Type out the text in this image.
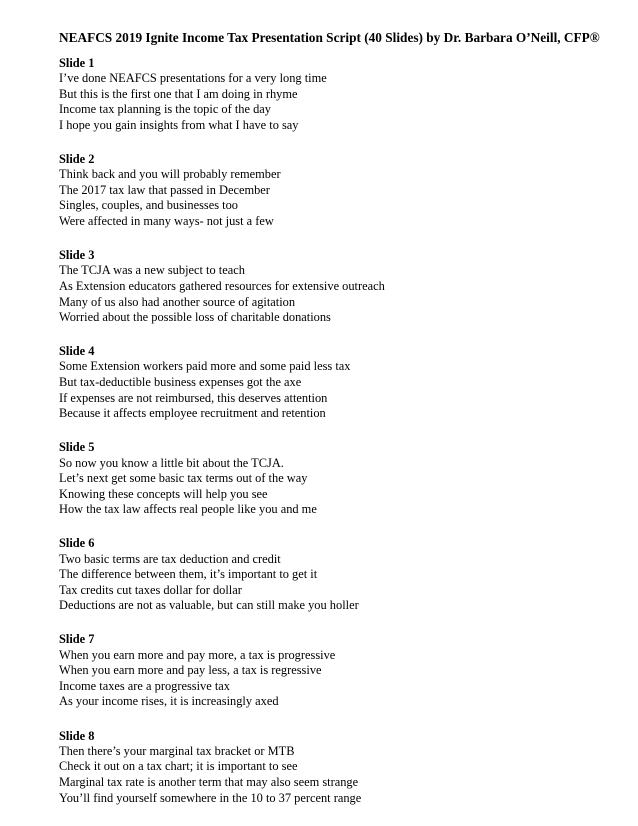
NEAFCS 2019 Ignite Income Tax Presentation Script (40 Slides) by Dr. Barbara O’Neill, CFP®
Slide 1
I’ve done NEAFCS presentations for a very long time
But this is the first one that I am doing in rhyme
Income tax planning is the topic of the day
I hope you gain insights from what I have to say
Slide 2
Think back and you will probably remember
The 2017 tax law that passed in December
Singles, couples, and businesses too
Were affected in many ways- not just a few
Slide 3
The TCJA was a new subject to teach
As Extension educators gathered resources for extensive outreach
Many of us also had another source of agitation
Worried about the possible loss of charitable donations
Slide 4
Some Extension workers paid more and some paid less tax
But tax-deductible business expenses got the axe
If expenses are not reimbursed, this deserves attention
Because it affects employee recruitment and retention
Slide 5
So now you know a little bit about the TCJA.
Let’s next get some basic tax terms out of the way
Knowing these concepts will help you see
How the tax law affects real people like you and me
Slide 6
Two basic terms are tax deduction and credit
The difference between them, it’s important to get it
Tax credits cut taxes dollar for dollar
Deductions are not as valuable, but can still make you holler
Slide 7
When you earn more and pay more, a tax is progressive
When you earn more and pay less, a tax is regressive
Income taxes are a progressive tax
As your income rises, it is increasingly axed
Slide 8
Then there’s your marginal tax bracket or MTB
Check it out on a tax chart; it is important to see
Marginal tax rate is another term that may also seem strange
You’ll find yourself somewhere in the 10 to 37 percent range
